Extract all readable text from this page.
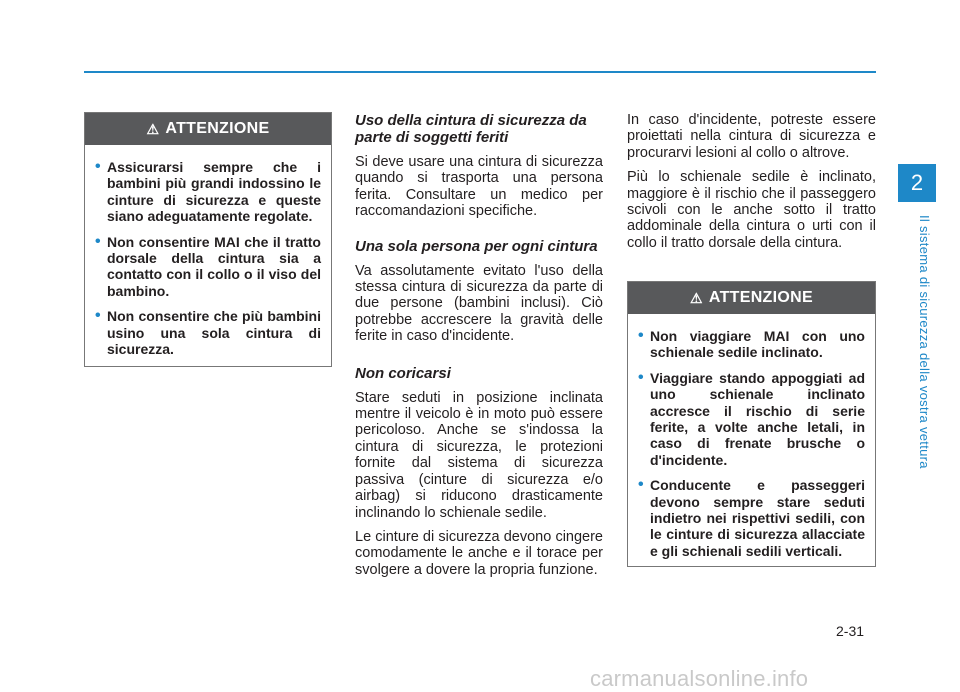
2
Il sistema di sicurezza della vostra vettura
⚠ ATTENZIONE
• Assicurarsi sempre che i bambini più grandi indossino le cinture di sicurezza e queste siano adeguatamente regolate.
• Non consentire MAI che il tratto dorsale della cintura sia a contatto con il collo o il viso del bambino.
• Non consentire che più bambini usino una sola cintura di sicurezza.
Uso della cintura di sicurezza da parte di soggetti feriti

Si deve usare una cintura di sicurezza quando si trasporta una persona ferita. Consultare un medico per raccomandazioni specifiche.

Una sola persona per ogni cintura

Va assolutamente evitato l'uso della stessa cintura di sicurezza da parte di due persone (bambini inclusi). Ciò potrebbe accrescere la gravità delle ferite in caso d'incidente.

Non coricarsi

Stare seduti in posizione inclinata mentre il veicolo è in moto può essere pericoloso. Anche se s'indossa la cintura di sicurezza, le protezioni fornite dal sistema di sicurezza passiva (cinture di sicurezza e/o airbag) si riducono drasticamente inclinando lo schienale sedile.

Le cinture di sicurezza devono cingere comodamente le anche e il torace per svolgere a dovere la propria funzione.

In caso d'incidente, potreste essere proiettati nella cintura di sicurezza e procurarvi lesioni al collo o altrove.

Più lo schienale sedile è inclinato, maggiore è il rischio che il passeggero scivoli con le anche sotto il tratto addominale della cintura o urti con il collo il tratto dorsale della cintura.

⚠ ATTENZIONE
• Non viaggiare MAI con uno schienale sedile inclinato.
• Viaggiare stando appoggiati ad uno schienale inclinato accresce il rischio di serie ferite, a volte anche letali, in caso di frenate brusche o d'incidente.
• Conducente e passeggeri devono sempre stare seduti indietro nei rispettivi sedili, con le cinture di sicurezza allacciate e gli schienali sedili verticali.
2-31
carmanualsonline.info
